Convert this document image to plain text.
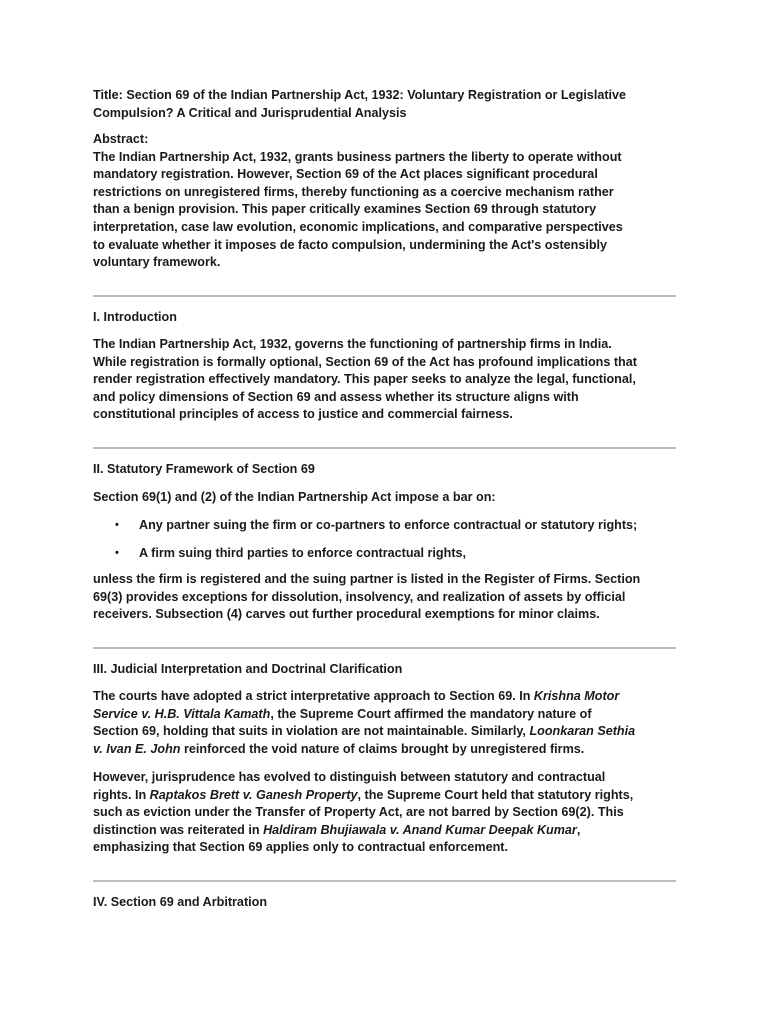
Title: Section 69 of the Indian Partnership Act, 1932: Voluntary Registration or Legislative
Compulsion? A Critical and Jurisprudential Analysis
Abstract:
The Indian Partnership Act, 1932, grants business partners the liberty to operate without
mandatory registration. However, Section 69 of the Act places significant procedural
restrictions on unregistered firms, thereby functioning as a coercive mechanism rather
than a benign provision. This paper critically examines Section 69 through statutory
interpretation, case law evolution, economic implications, and comparative perspectives
to evaluate whether it imposes de facto compulsion, undermining the Act's ostensibly
voluntary framework.
I. Introduction
The Indian Partnership Act, 1932, governs the functioning of partnership firms in India.
While registration is formally optional, Section 69 of the Act has profound implications that
render registration effectively mandatory. This paper seeks to analyze the legal, functional,
and policy dimensions of Section 69 and assess whether its structure aligns with
constitutional principles of access to justice and commercial fairness.
II. Statutory Framework of Section 69
Section 69(1) and (2) of the Indian Partnership Act impose a bar on:
• Any partner suing the firm or co-partners to enforce contractual or statutory rights;
• A firm suing third parties to enforce contractual rights,
unless the firm is registered and the suing partner is listed in the Register of Firms. Section
69(3) provides exceptions for dissolution, insolvency, and realization of assets by official
receivers. Subsection (4) carves out further procedural exemptions for minor claims.
III. Judicial Interpretation and Doctrinal Clarification
The courts have adopted a strict interpretative approach to Section 69. In Krishna Motor
Service v. H.B. Vittala Kamath, the Supreme Court affirmed the mandatory nature of
Section 69, holding that suits in violation are not maintainable. Similarly, Loonkaran Sethia
v. Ivan E. John reinforced the void nature of claims brought by unregistered firms.
However, jurisprudence has evolved to distinguish between statutory and contractual
rights. In Raptakos Brett v. Ganesh Property, the Supreme Court held that statutory rights,
such as eviction under the Transfer of Property Act, are not barred by Section 69(2). This
distinction was reiterated in Haldiram Bhujiawala v. Anand Kumar Deepak Kumar,
emphasizing that Section 69 applies only to contractual enforcement.
IV. Section 69 and Arbitration
